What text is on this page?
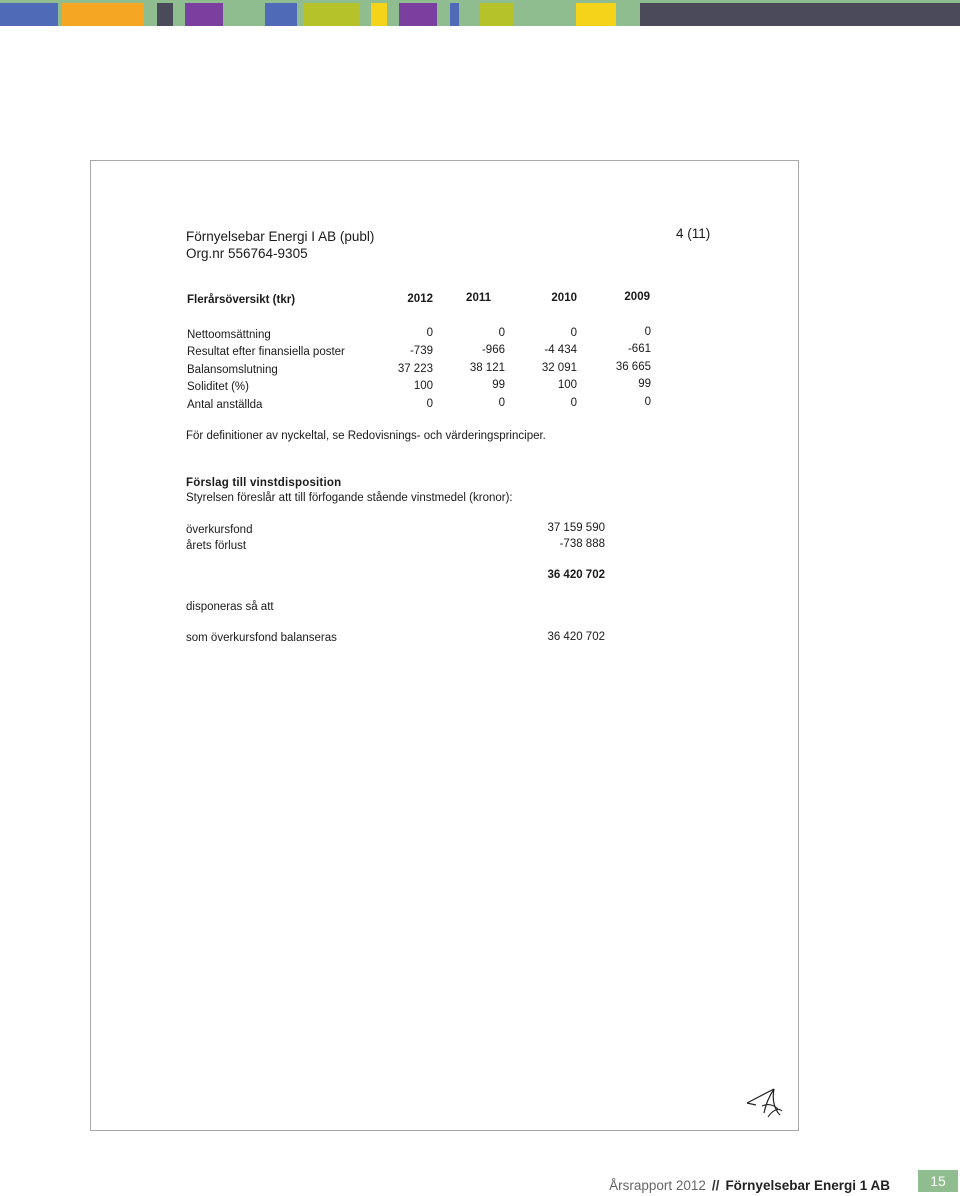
Förnyelsebar Energi I AB (publ)
Org.nr 556764-9305
4 (11)
Flerårsöversikt (tkr)	2012	2011	2010	2009
Nettoomsättning	0	0	0	0
Resultat efter finansiella poster	-739	-966	-4 434	-661
Balansomslutning	37 223	38 121	32 091	36 665
Soliditet (%)	100	99	100	99
Antal anställda	0	0	0	0
För definitioner av nyckeltal, se Redovisnings- och värderingsprinciper.
Förslag till vinstdisposition
Styrelsen föreslår att till förfogande stående vinstmedel (kronor):
överkursfond	37 159 590
årets förlust	-738 888
36 420 702
disponeras så att
som överkursfond balanseras	36 420 702
Årsrapport 2012 // Förnyelsebar Energi 1 AB	15
